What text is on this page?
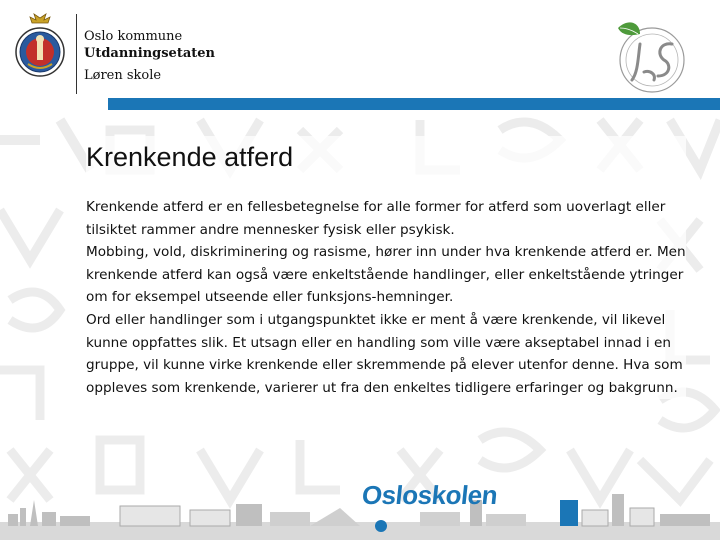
Oslo kommune
Utdanningsetaten
Løren skole
Krenkende atferd

Krenkende atferd er en fellesbetegnelse for alle former for atferd som uoverlagt eller tilsiktet rammer andre mennesker fysisk eller psykisk.

Mobbing, vold, diskriminering og rasisme, hører inn under hva krenkende atferd er. Men krenkende atferd kan også være enkeltstående handlinger, eller enkeltstående ytringer om for eksempel utseende eller funksjons-hemninger.

Ord eller handlinger som i utgangspunktet ikke er ment å være krenkende, vil likevel kunne oppfattes slik. Et utsagn eller en handling som ville være akseptabel innad i en gruppe, vil kunne virke krenkende eller skremmende på elever utenfor denne. Hva som oppleves som krenkende, varierer ut fra den enkeltes tidligere erfaringer og bakgrunn.

Osloskolen
